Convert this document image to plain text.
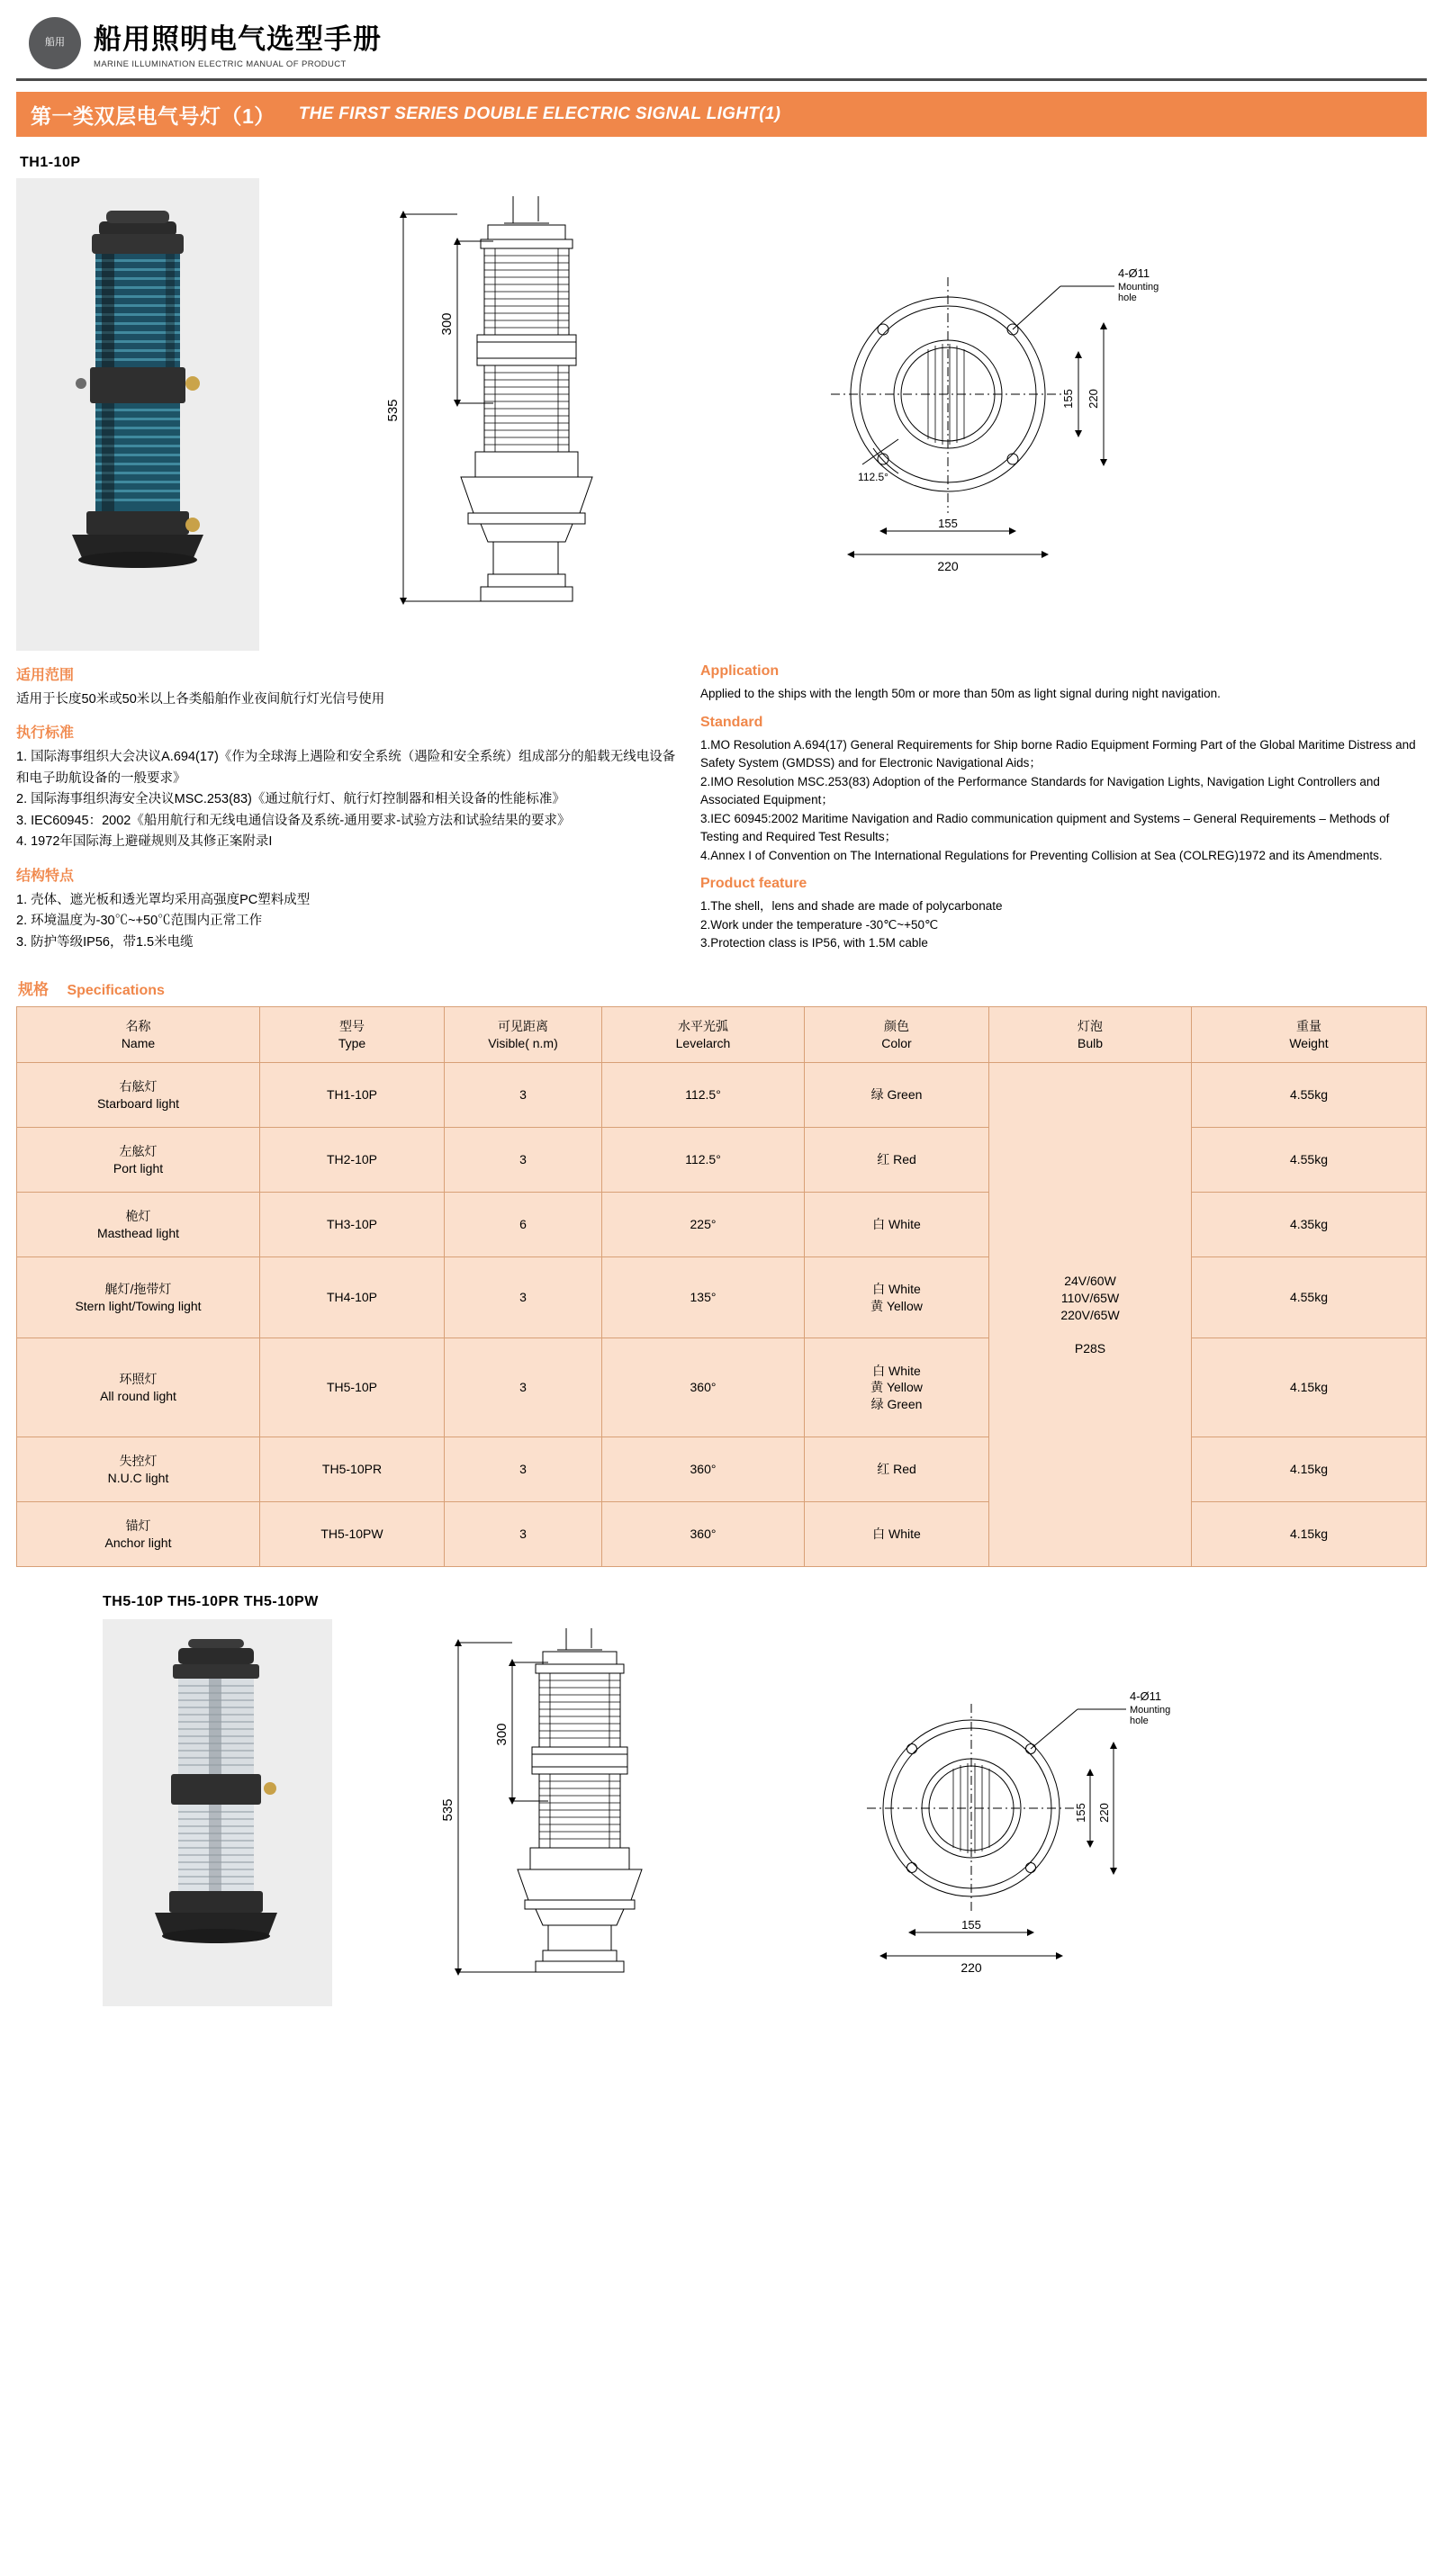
船用 船用照明电气选型手册
MARINE ILLUMINATION ELECTRIC MANUAL OF PRODUCT
第一类双层电气号灯（1） THE FIRST SERIES DOUBLE ELECTRIC SIGNAL LIGHT(1)
TH1-10P
535
300
155 220
155
220
112.5°
4-Ø11
Mounting
hole
适用范围

适用于长度50米或50米以上各类船舶作业夜间航行灯光信号使用

执行标准

1. 国际海事组织大会决议A.694(17)《作为全球海上遇险和安全系统（遇险和安全系统）组成部分的船载无线电设备和电子助航设备的一般要求》

2. 国际海事组织海安全决议MSC.253(83)《通过航行灯、航行灯控制器和相关设备的性能标准》

3. IEC60945：2002《船用航行和无线电通信设备及系统-通用要求-试验方法和试验结果的要求》

4. 1972年国际海上避碰规则及其修正案附录I

结构特点

1. 壳体、遮光板和透光罩均采用高强度PC塑料成型

2. 环境温度为-30℃~+50℃范围内正常工作

3. 防护等级IP56，带1.5米电缆

Application

Applied to the ships with the length 50m or more than 50m as light signal during night navigation.

Standard

1.MO Resolution A.694(17) General Requirements for Ship borne Radio Equipment Forming Part of the Global Maritime Distress and Safety System (GMDSS) and for Electronic Navigational Aids；

2.IMO Resolution MSC.253(83) Adoption of the Performance Standards for Navigation Lights, Navigation Light Controllers and Associated Equipment；

3.IEC 60945:2002 Maritime Navigation and Radio communication quipment and Systems – General Requirements – Methods of Testing and Required Test Results；

4.Annex I of Convention on The International Regulations for Preventing Collision at Sea (COLREG)1972 and its Amendments.

Product feature

1.The shell，lens and shade are made of polycarbonate

2.Work under the temperature -30℃~+50℃

3.Protection class is IP56, with 1.5M cable

规格 Specifications
名称
Name	型号
Type	可见距离
Visible( n.m)	水平光弧
Levelarch	颜色
Color	灯泡
Bulb	重量
Weight

右舷灯
Starboard light	TH1-10P	3	112.5°	绿 Green	24V/60W
110V/65W
220V/65W

P28S	4.55kg

左舷灯
Port light	TH2-10P	3	112.5°	红 Red		4.55kg

桅灯
Masthead light	TH3-10P	6	225°	白 White		4.35kg

艉灯/拖带灯
Stern light/Towing light	TH4-10P	3	135°	白 White
黄 Yellow		4.55kg

环照灯
All round light	TH5-10P	3	360°	白 White
黄 Yellow
绿 Green		4.15kg

失控灯
N.U.C light	TH5-10PR	3	360°	红 Red		4.15kg

锚灯
Anchor light	TH5-10PW	3	360°	白 White		4.15kg
TH5-10P TH5-10PR TH5-10PW
535
300
155 220
155
220
4-Ø11
Mounting
hole
